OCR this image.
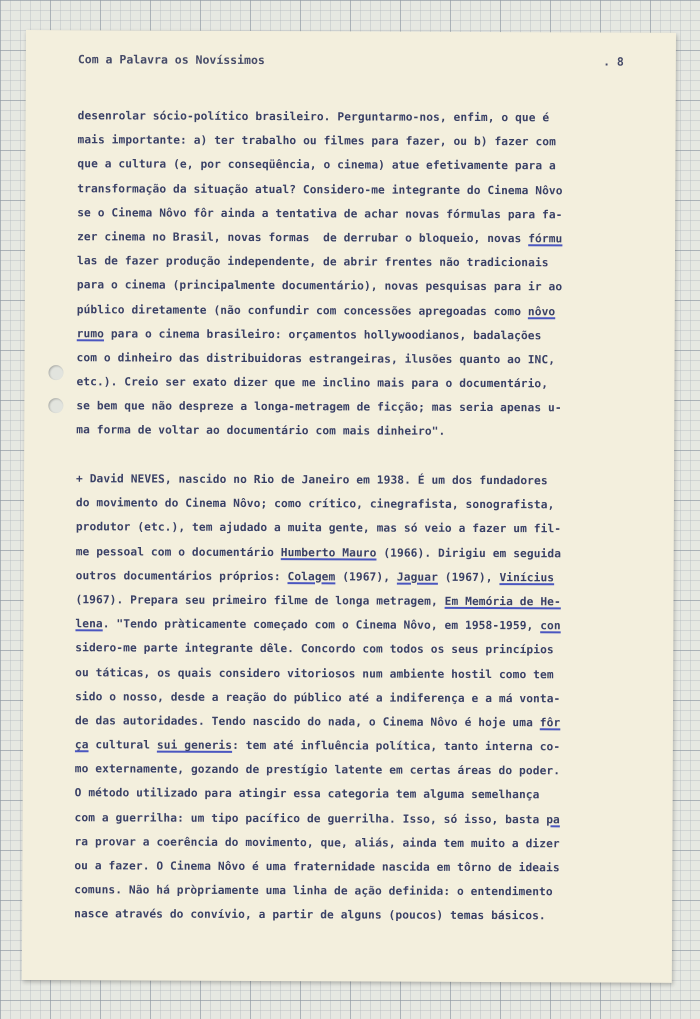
Com a Palavra os Novíssimos	. 8
desenrolar sócio-político brasileiro. Perguntarmo-nos, enfim, o que é
mais importante: a) ter trabalho ou filmes para fazer, ou b) fazer com
que a cultura (e, por conseqüência, o cinema) atue efetivamente para a
transformação da situação atual? Considero-me integrante do Cinema Nôvo
se o Cinema Nôvo fôr ainda a tentativa de achar novas fórmulas para fa-
zer cinema no Brasil, novas formas  de derrubar o bloqueio, novas fórmu
las de fazer produção independente, de abrir frentes não tradicionais
para o cinema (principalmente documentário), novas pesquisas para ir ao
público diretamente (não confundir com concessões apregoadas como nôvo
rumo para o cinema brasileiro: orçamentos hollywoodianos, badalações
com o dinheiro das distribuidoras estrangeiras, ilusões quanto ao INC,
etc.). Creio ser exato dizer que me inclino mais para o documentário,
se bem que não despreze a longa-metragem de ficção; mas seria apenas u-
ma forma de voltar ao documentário com mais dinheiro".
+ David NEVES, nascido no Rio de Janeiro em 1938. É um dos fundadores
do movimento do Cinema Nôvo; como crítico, cinegrafista, sonografista,
produtor (etc.), tem ajudado a muita gente, mas só veio a fazer um fil-
me pessoal com o documentário Humberto Mauro (1966). Dirigiu em seguida
outros documentários próprios: Colagem (1967), Jaguar (1967), Vinícius
(1967). Prepara seu primeiro filme de longa metragem, Em Memória de He-
lena. "Tendo pràticamente começado com o Cinema Nôvo, em 1958-1959, con
sidero-me parte integrante dêle. Concordo com todos os seus princípios
ou táticas, os quais considero vitoriosos num ambiente hostil como tem
sido o nosso, desde a reação do público até a indiferença e a má vonta-
de das autoridades. Tendo nascido do nada, o Cinema Nôvo é hoje uma fôr
ça cultural sui generis: tem até influência política, tanto interna co-
mo externamente, gozando de prestígio latente em certas áreas do poder.
O método utilizado para atingir essa categoria tem alguma semelhança
com a guerrilha: um tipo pacífico de guerrilha. Isso, só isso, basta pa
ra provar a coerência do movimento, que, aliás, ainda tem muito a dizer
ou a fazer. O Cinema Nôvo é uma fraternidade nascida em tôrno de ideais
comuns. Não há pròpriamente uma linha de ação definida: o entendimento
nasce através do convívio, a partir de alguns (poucos) temas básicos.
